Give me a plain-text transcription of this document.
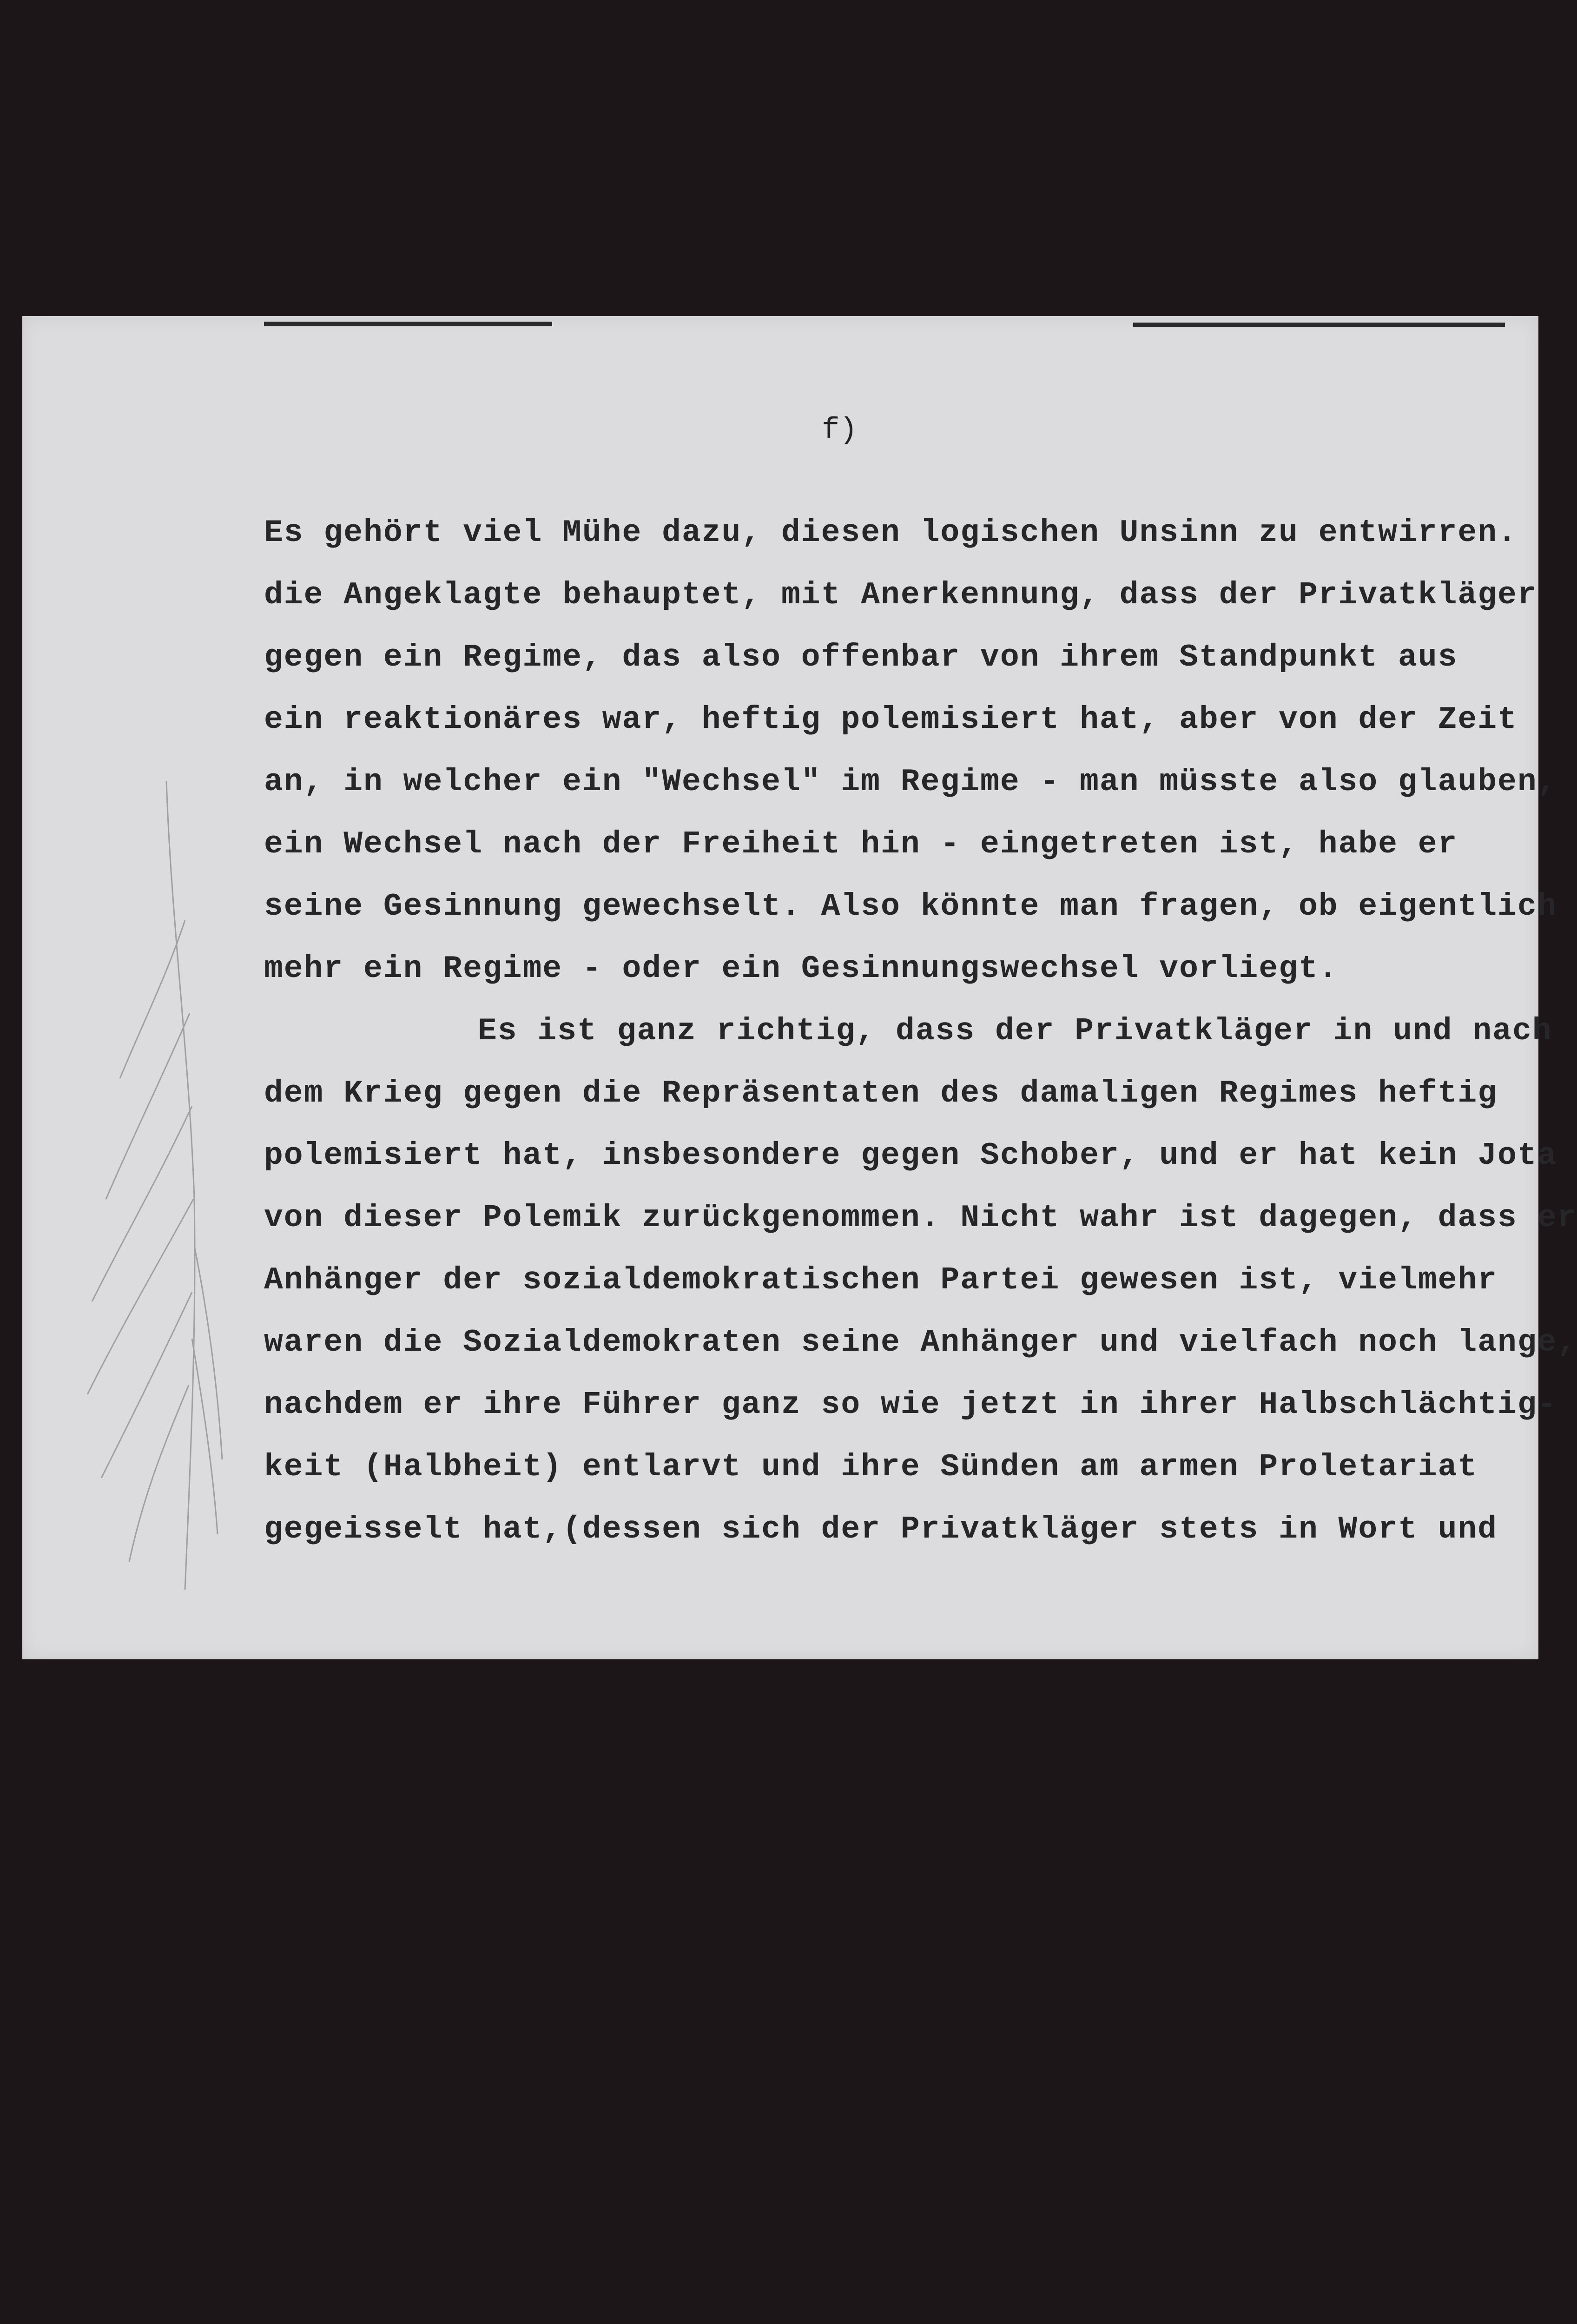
f)
Es gehört viel Mühe dazu, diesen logischen Unsinn zu entwirren.
die Angeklagte behauptet, mit Anerkennung, dass der Privatkläger
gegen ein Regime, das also offenbar von ihrem Standpunkt aus
ein reaktionäres war, heftig polemisiert hat, aber von der Zeit
an, in welcher ein "Wechsel" im Regime - man müsste also glauben,
ein Wechsel nach der Freiheit hin - eingetreten ist, habe er
seine Gesinnung gewechselt. Also könnte man fragen, ob eigentlich
mehr ein Regime - oder ein Gesinnungswechsel vorliegt.
Es ist ganz richtig, dass der Privatkläger in und nach
dem Krieg gegen die Repräsentaten des damaligen Regimes heftig
polemisiert hat, insbesondere gegen Schober, und er hat kein Jota
von dieser Polemik zurückgenommen. Nicht wahr ist dagegen, dass er
Anhänger der sozialdemokratischen Partei gewesen ist, vielmehr
waren die Sozialdemokraten seine Anhänger und vielfach noch lange,
nachdem er ihre Führer ganz so wie jetzt in ihrer Halbschlächtig-
keit (Halbheit) entlarvt und ihre Sünden am armen Proletariat
gegeisselt hat,(dessen sich der Privatkläger stets in Wort und
